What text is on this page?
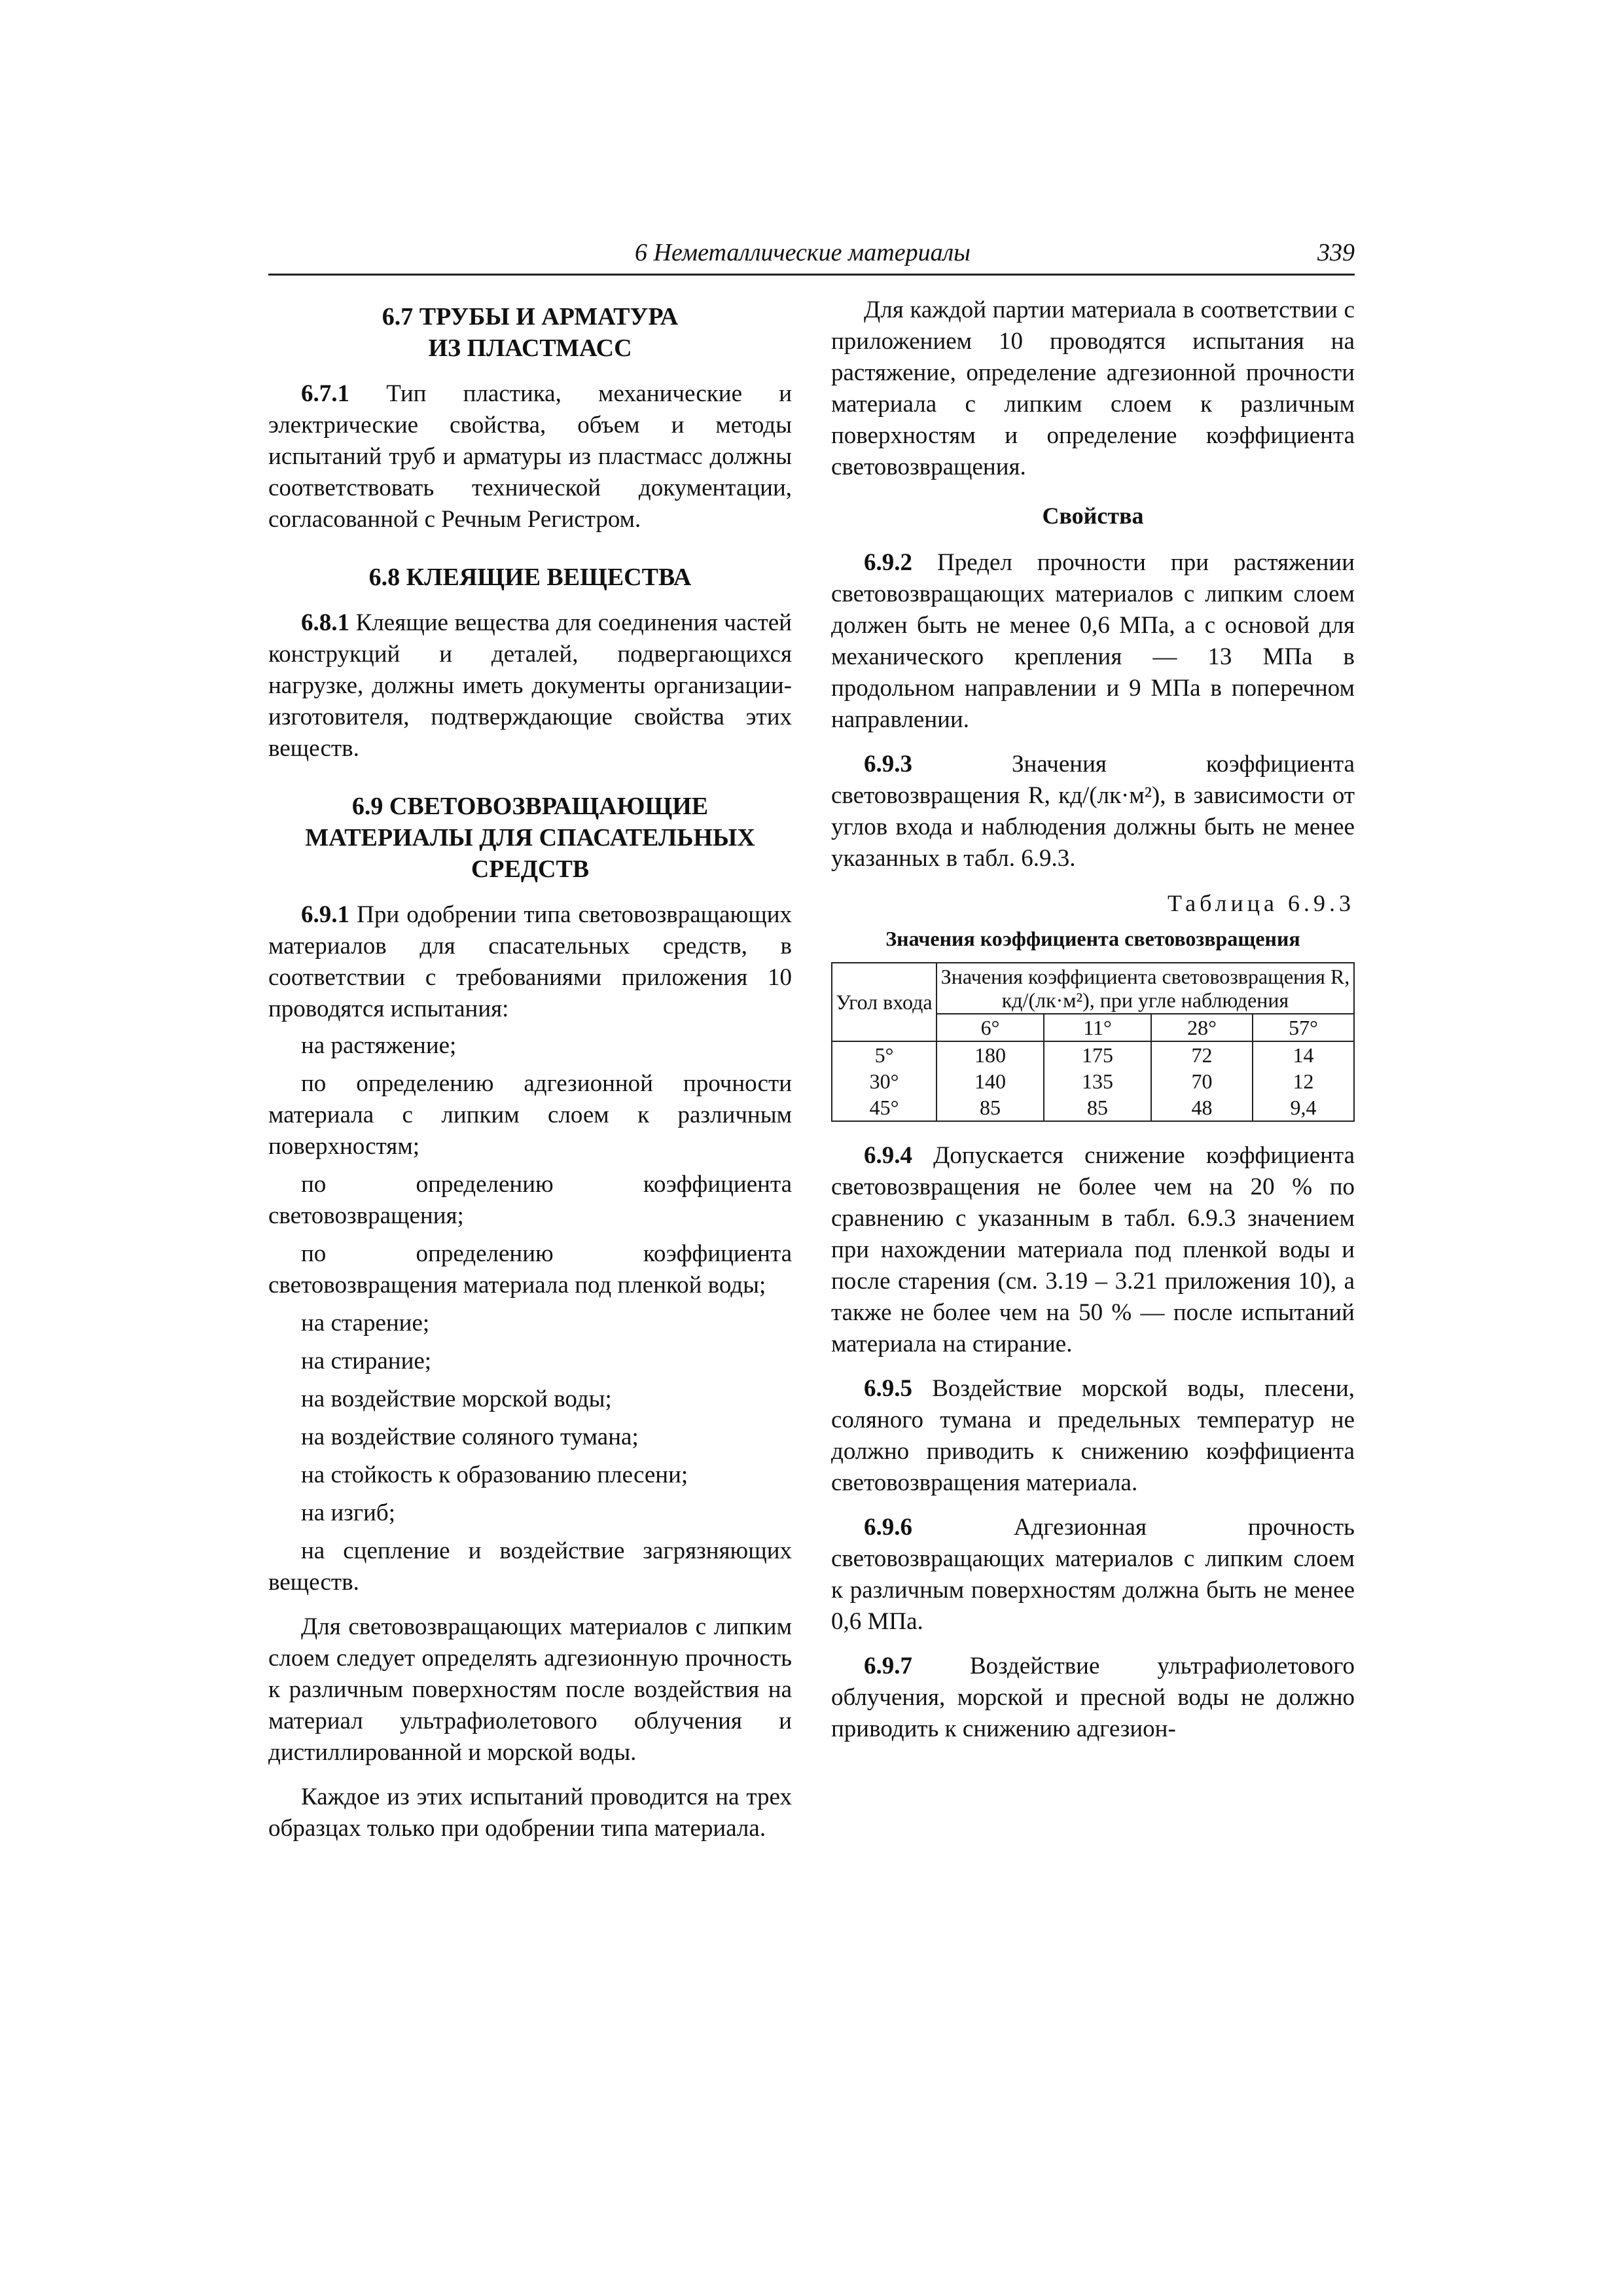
6 Неметаллические материалы	339
6.7 ТРУБЫ И АРМАТУРА
ИЗ ПЛАСТМАСС

6.7.1 Тип пластика, механические и электрические свойства, объем и методы испытаний труб и арматуры из пластмасс должны соответствовать технической документации, согласованной с Речным Регистром.

6.8 КЛЕЯЩИЕ ВЕЩЕСТВА

6.8.1 Клеящие вещества для соединения частей конструкций и деталей, подвергающихся нагрузке, должны иметь документы организации-изготовителя, подтверждающие свойства этих веществ.

6.9 СВЕТОВОЗВРАЩАЮЩИЕ
МАТЕРИАЛЫ ДЛЯ СПАСАТЕЛЬНЫХ
СРЕДСТВ

6.9.1 При одобрении типа световозвращающих материалов для спасательных средств, в соответствии с требованиями приложения 10 проводятся испытания:

на растяжение;
по определению адгезионной прочности материала с липким слоем к различным поверхностям;
по определению коэффициента световозвращения;
по определению коэффициента световозвращения материала под пленкой воды;
на старение;
на стирание;
на воздействие морской воды;
на воздействие соляного тумана;
на стойкость к образованию плесени;
на изгиб;
на сцепление и воздействие загрязняющих веществ.

Для световозвращающих материалов с липким слоем следует определять адгезионную прочность к различным поверхностям после воздействия на материал ультрафиолетового облучения и дистиллированной и морской воды.

Каждое из этих испытаний проводится на трех образцах только при одобрении типа материала.

Для каждой партии материала в соответствии с приложением 10 проводятся испытания на растяжение, определение адгезионной прочности материала с липким слоем к различным поверхностям и определение коэффициента световозвращения.

Свойства

6.9.2 Предел прочности при растяжении световозвращающих материалов с липким слоем должен быть не менее 0,6 МПа, а с основой для механического крепления — 13 МПа в продольном направлении и 9 МПа в поперечном направлении.

6.9.3 Значения коэффициента световозвращения R, кд/(лк·м²), в зависимости от углов входа и наблюдения должны быть не менее указанных в табл. 6.9.3.

Таблица 6.9.3
Значения коэффициента световозвращения
Угол входа	Значения коэффициента световозвращения R, кд/(лк·м²), при угле наблюдения			
	6°	11°	28°	57°
5°	180	175	72	14
30°	140	135	70	12
45°	85	85	48	9,4

6.9.4 Допускается снижение коэффициента световозвращения не более чем на 20 % по сравнению с указанным в табл. 6.9.3 значением при нахождении материала под пленкой воды и после старения (см. 3.19 – 3.21 приложения 10), а также не более чем на 50 % — после испытаний материала на стирание.

6.9.5 Воздействие морской воды, плесени, соляного тумана и предельных температур не должно приводить к снижению коэффициента световозвращения материала.

6.9.6 Адгезионная прочность световозвращающих материалов с липким слоем к различным поверхностям должна быть не менее 0,6 МПа.

6.9.7 Воздействие ультрафиолетового облучения, морской и пресной воды не должно приводить к снижению адгезион-
